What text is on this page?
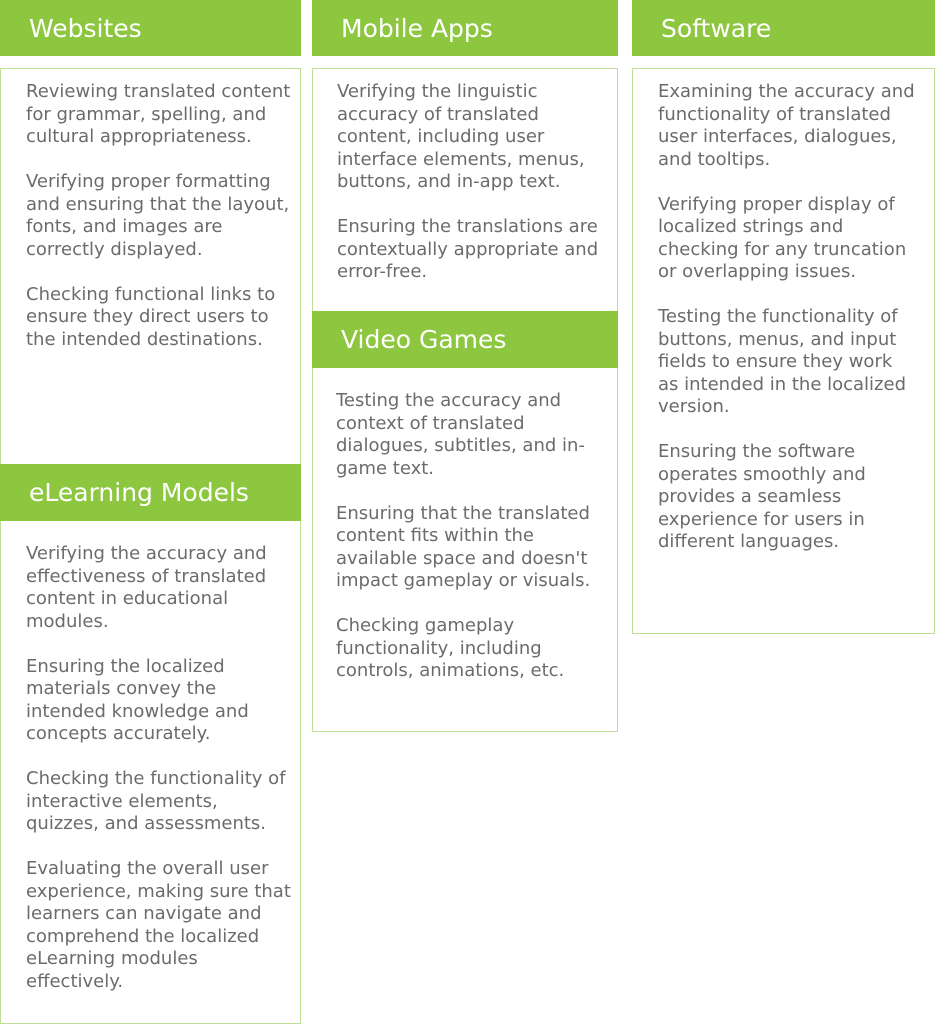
Websites

Reviewing translated content for grammar, spelling, and cultural appropriateness.

Verifying proper formatting and ensuring that the layout, fonts, and images are correctly displayed.

Checking functional links to ensure they direct users to the intended destinations.

eLearning Models

Verifying the accuracy and effectiveness of translated content in educational modules.

Ensuring the localized materials convey the intended knowledge and concepts accurately.

Checking the functionality of interactive elements, quizzes, and assessments.

Evaluating the overall user experience, making sure that learners can navigate and comprehend the localized eLearning modules effectively.

Mobile Apps

Verifying the linguistic accuracy of translated content, including user interface elements, menus, buttons, and in-app text.

Ensuring the translations are contextually appropriate and error-free.

Video Games

Testing the accuracy and context of translated dialogues, subtitles, and in-game text.

Ensuring that the translated content fits within the available space and doesn't impact gameplay or visuals.

Checking gameplay functionality, including controls, animations, etc.

Software

Examining the accuracy and functionality of translated user interfaces, dialogues, and tooltips.

Verifying proper display of localized strings and checking for any truncation or overlapping issues.

Testing the functionality of buttons, menus, and input fields to ensure they work as intended in the localized version.

Ensuring the software operates smoothly and provides a seamless experience for users in different languages.
